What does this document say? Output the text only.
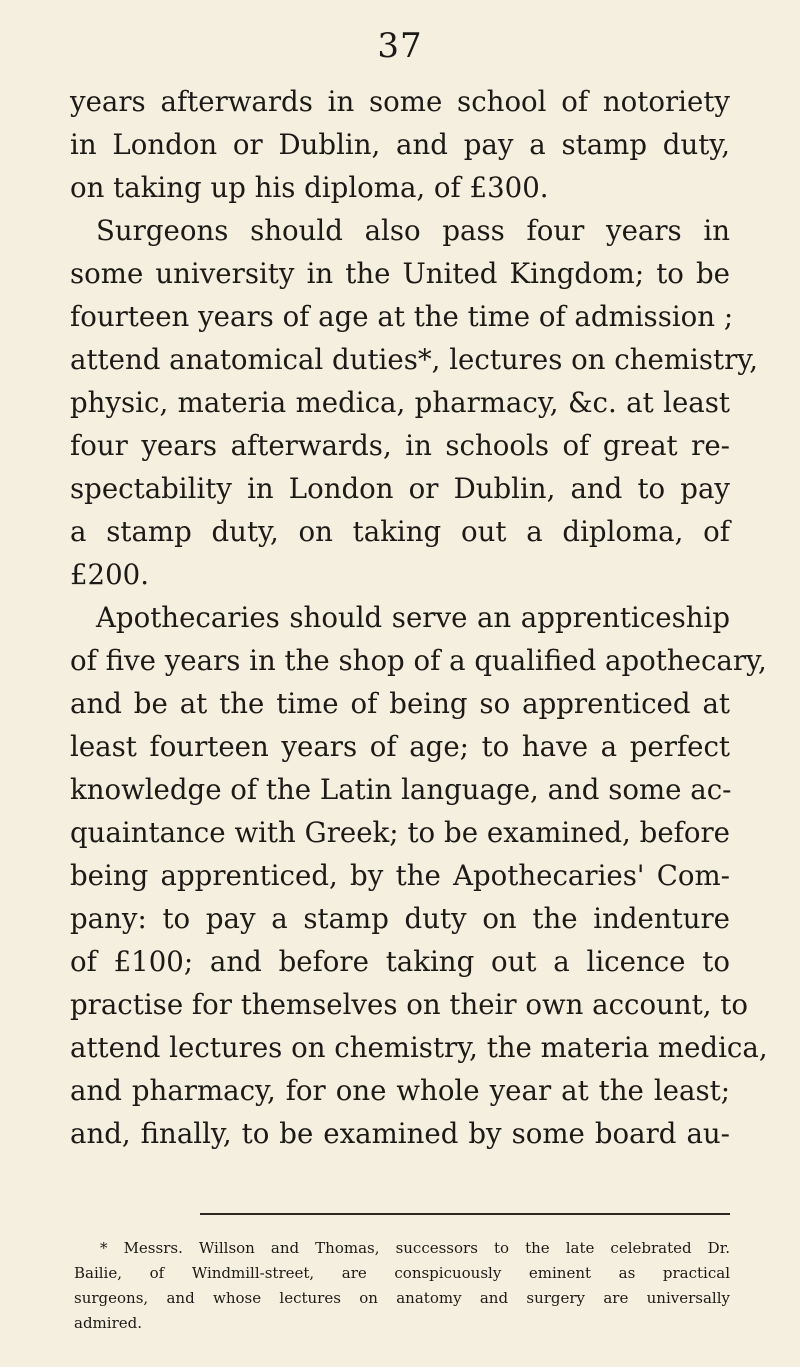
37
years afterwards in some school of notoriety
in London or Dublin, and pay a stamp duty,
on taking up his diploma, of £300.
Surgeons should also pass four years in
some university in the United Kingdom; to be
fourteen years of age at the time of admission ;
attend anatomical duties*, lectures on chemistry,
physic, materia medica, pharmacy, &c. at least
four years afterwards, in schools of great re-
spectability in London or Dublin, and to pay
a stamp duty, on taking out a diploma, of
£200.
Apothecaries should serve an apprenticeship
of five years in the shop of a qualified apothecary,
and be at the time of being so apprenticed at
least fourteen years of age; to have a perfect
knowledge of the Latin language, and some ac-
quaintance with Greek; to be examined, before
being apprenticed, by the Apothecaries' Com-
pany: to pay a stamp duty on the indenture
of £100; and before taking out a licence to
practise for themselves on their own account, to
attend lectures on chemistry, the materia medica,
and pharmacy, for one whole year at the least;
and, finally, to be examined by some board au-
* Messrs. Willson and Thomas, successors to the late celebrated Dr.
Bailie, of Windmill-street, are conspicuously eminent as practical
surgeons, and whose lectures on anatomy and surgery are universally
admired.
